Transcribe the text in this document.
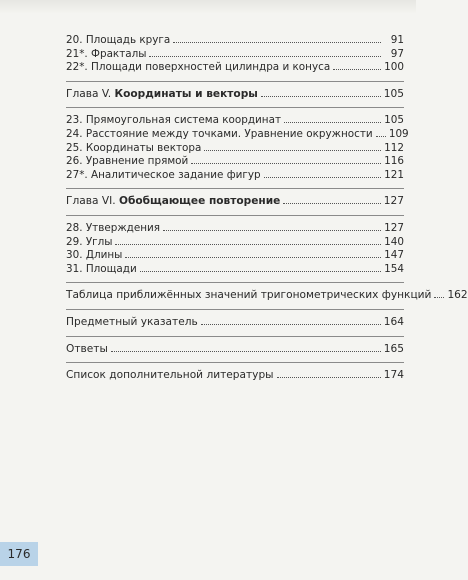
20. Площадь круга	91
21*. Фракталы	97
22*. Площади поверхностей цилиндра и конуса	100
Глава V. Координаты и векторы	105
23. Прямоугольная система координат	105
24. Расстояние между точками. Уравнение окружности	109
25. Координаты вектора	112
26. Уравнение прямой	116
27*. Аналитическое задание фигур	121
Глава VI. Обобщающее повторение	127
28. Утверждения	127
29. Углы	140
30. Длины	147
31. Площади	154
Таблица приближённых значений тригонометрических функций 162
Предметный указатель	164
Ответы	165
Список дополнительной литературы	174
176
